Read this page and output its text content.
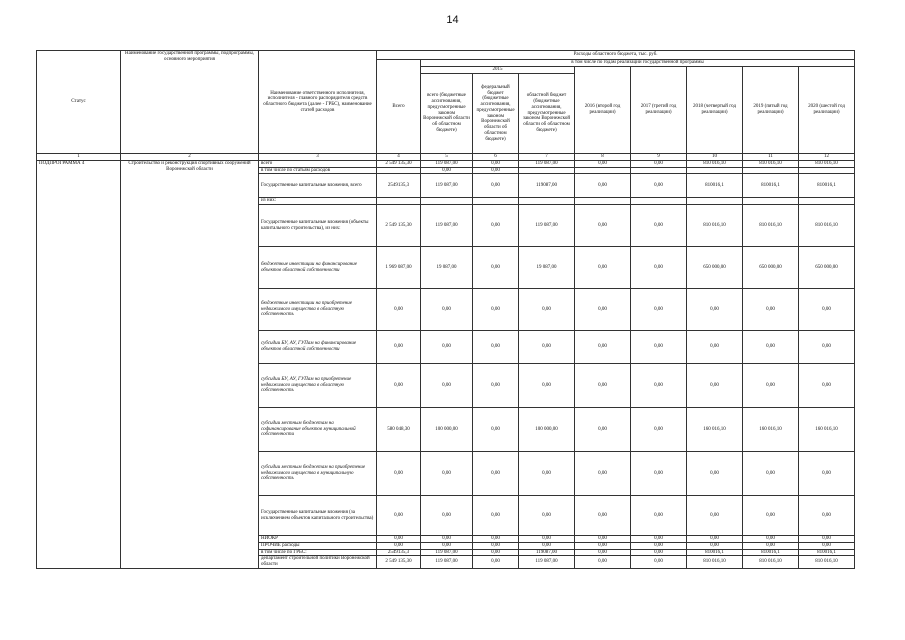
14
Статус	Наименование государственной программы, подпрограммы, основного мероприятия	Наименование ответственного исполнителя, исполнителя - главного распорядителя средств областного бюджета (далее - ГРБС), наименование статей расходов	Расходы областного бюджета, тыс. руб.								
			Всего	в том числе по годам реализации государственной программы							
				2015			2016 (второй год реализации)	2017 (третий год реализации)	2018 (четвертый год реализации)	2019 (пятый год реализации)	2020 (шестой год реализации)
				всего (бюджетные ассигнования, предусмотренные законом Воронежской области об областном бюджете)	федеральный бюджет (бюджетные ассигнования, предусмотренные законом Воронежской области об областном бюджете)	областной бюджет (бюджетные ассигнования, предусмотренные законом Воронежской области об областном бюджете)					
1	2	3	4	5	6	7	8	9	10	11	12
ПОДПРОГРАММА 4	Строительство и реконструкция спортивных сооружений Воронежской области	всего	2 549 135,30	119 087,00	0,00	119 087,00	0,00	0,00	810 016,10	810 016,10	810 016,10
		в том числе по статьям расходов		0,00	0,00						
		Государственные капитальные вложения, всего	2549135,3	119 087,00	0,00	119087,00	0,00	0,00	810016,1	810016,1	810016,1
		из них:									
		Государственные капитальные вложения (объекты капитального строительства), из них:	2 549 135,30	119 087,00	0,00	119 087,00	0,00	0,00	810 016,10	810 016,10	810 016,10
		бюджетные инвестиции на финансирование объектов областной собственности	1 969 087,00	19 087,00	0,00	19 087,00	0,00	0,00	650 000,00	650 000,00	650 000,00
		бюджетные инвестиции на приобретение недвижимого имущества в областную собственность	0,00	0,00	0,00	0,00	0,00	0,00	0,00	0,00	0,00
		субсидии БУ, АУ, ГУПам на финансирование объектов областной собственности	0,00	0,00	0,00	0,00	0,00	0,00	0,00	0,00	0,00
		субсидии БУ, АУ, ГУПам на приобретение недвижимого имущества в областную собственность	0,00	0,00	0,00	0,00	0,00	0,00	0,00	0,00	0,00
		субсидии местным бюджетам на софинансирование объектов муниципальной собственности	580 048,30	100 000,00	0,00	100 000,00	0,00	0,00	160 016,10	160 016,10	160 016,10
		субсидии местным бюджетам на приобретение недвижимого имущества в муниципальную собственность	0,00	0,00	0,00	0,00	0,00	0,00	0,00	0,00	0,00
		Государственные капитальные вложения (за исключением объектов капитального строительства)	0,00	0,00	0,00	0,00	0,00	0,00	0,00	0,00	0,00
		НИОКР	0,00	0,00	0,00	0,00	0,00	0,00	0,00	0,00	0,00
		ПРОЧИЕ расходы	0,00	0,00	0,00	0,00	0,00	0,00	0,00	0,00	0,00
		в том числе по ГРБС:	2549135,3	119 087,00	0,00	119087,00	0,00	0,00	810016,1	810016,1	810016,1
		департамент строительной политики Воронежской области	2 549 135,30	119 087,00	0,00	119 087,00	0,00	0,00	810 016,10	810 016,10	810 016,10
